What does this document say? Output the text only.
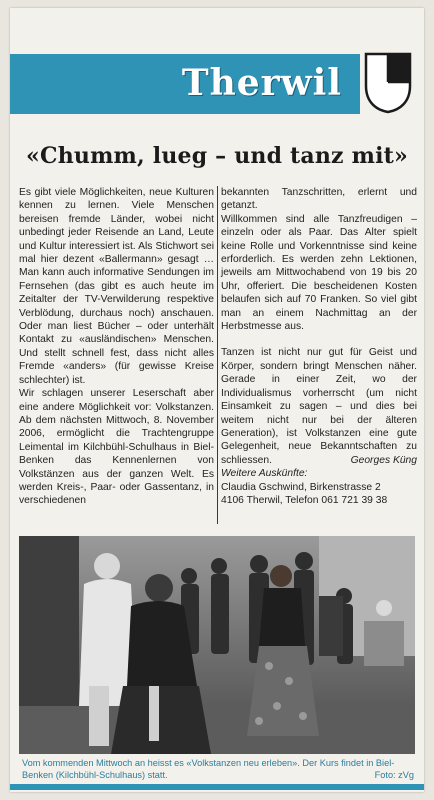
Therwil
«Chumm, lueg – und tanz mit»

Es gibt viele Möglichkeiten, neue Kulturen kennen zu lernen. Viele Menschen bereisen fremde Länder, wobei nicht unbedingt jeder Reisende an Land, Leute und Kultur interessiert ist. Als Stichwort sei mal hier dezent «Ballermann» gesagt … Man kann auch informative Sendungen im Fernsehen (das gibt es auch heute im Zeitalter der TV-Verwilderung respektive Verblödung, durchaus noch) anschauen. Oder man liest Bücher – oder unterhält Kontakt zu «ausländischen» Menschen. Und stellt schnell fest, dass nicht alles Fremde «anders» (für gewisse Kreise schlechter) ist.

Wir schlagen unserer Leserschaft aber eine andere Möglichkeit vor: Volkstanzen. Ab dem nächsten Mittwoch, 8. November 2006, ermöglicht die Trachtengruppe Leimental im Kilchbühl-Schulhaus in Biel-Benken das Kennenlernen von Volkstänzen aus der ganzen Welt. Es werden Kreis-, Paar- oder Gassentanz, in verschiedenen

bekannten Tanzschritten, erlernt und getanzt.

Willkommen sind alle Tanzfreudigen – einzeln oder als Paar. Das Alter spielt keine Rolle und Vorkenntnisse sind keine erforderlich. Es werden zehn Lektionen, jeweils am Mittwochabend von 19 bis 20 Uhr, offeriert. Die bescheidenen Kosten belaufen sich auf 70 Franken. So viel gibt man an einem Nachmittag an der Herbstmesse aus.

Tanzen ist nicht nur gut für Geist und Körper, sondern bringt Menschen näher. Gerade in einer Zeit, wo der Individualismus vorherrscht (um nicht Einsamkeit zu sagen – und dies bei weitem nicht nur bei der älteren Generation), ist Volkstanzen eine gute Gelegenheit, neue Bekanntschaften zu schliessen.	Georges Küng

Weitere Auskünfte:

Claudia Gschwind, Birkenstrasse 2

4106 Therwil, Telefon 061 721 39 38

Vom kommenden Mittwoch an heisst es «Volkstanzen neu erleben». Der Kurs findet in Biel-Benken (Kilchbühl-Schulhaus) statt.	Foto: zVg
